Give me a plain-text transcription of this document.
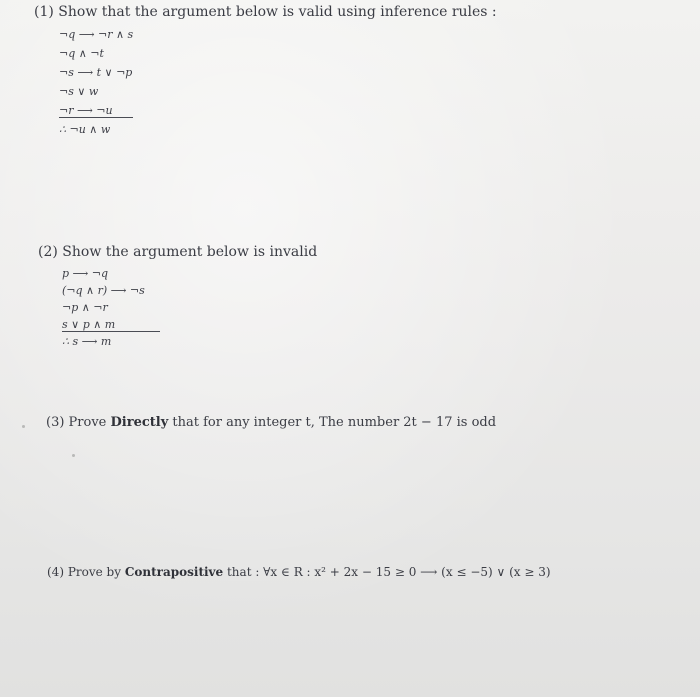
(1) Show that the argument below is valid using inference rules :
¬q ⟶ ¬r ∧ s
¬q ∧ ¬t
¬s ⟶ t ∨ ¬p
¬s ∨ w
¬r ⟶ ¬u
∴ ¬u ∧ w
(2) Show the argument below is invalid
p ⟶ ¬q
(¬q ∧ r) ⟶ ¬s
¬p ∧ ¬r
s ∨ p ∧ m
∴ s ⟶ m
(3) Prove Directly that for any integer t, The number 2t − 17 is odd
(4) Prove by Contrapositive that : ∀x ∈ R : x² + 2x − 15 ≥ 0 ⟶ (x ≤ −5) ∨ (x ≥ 3)
